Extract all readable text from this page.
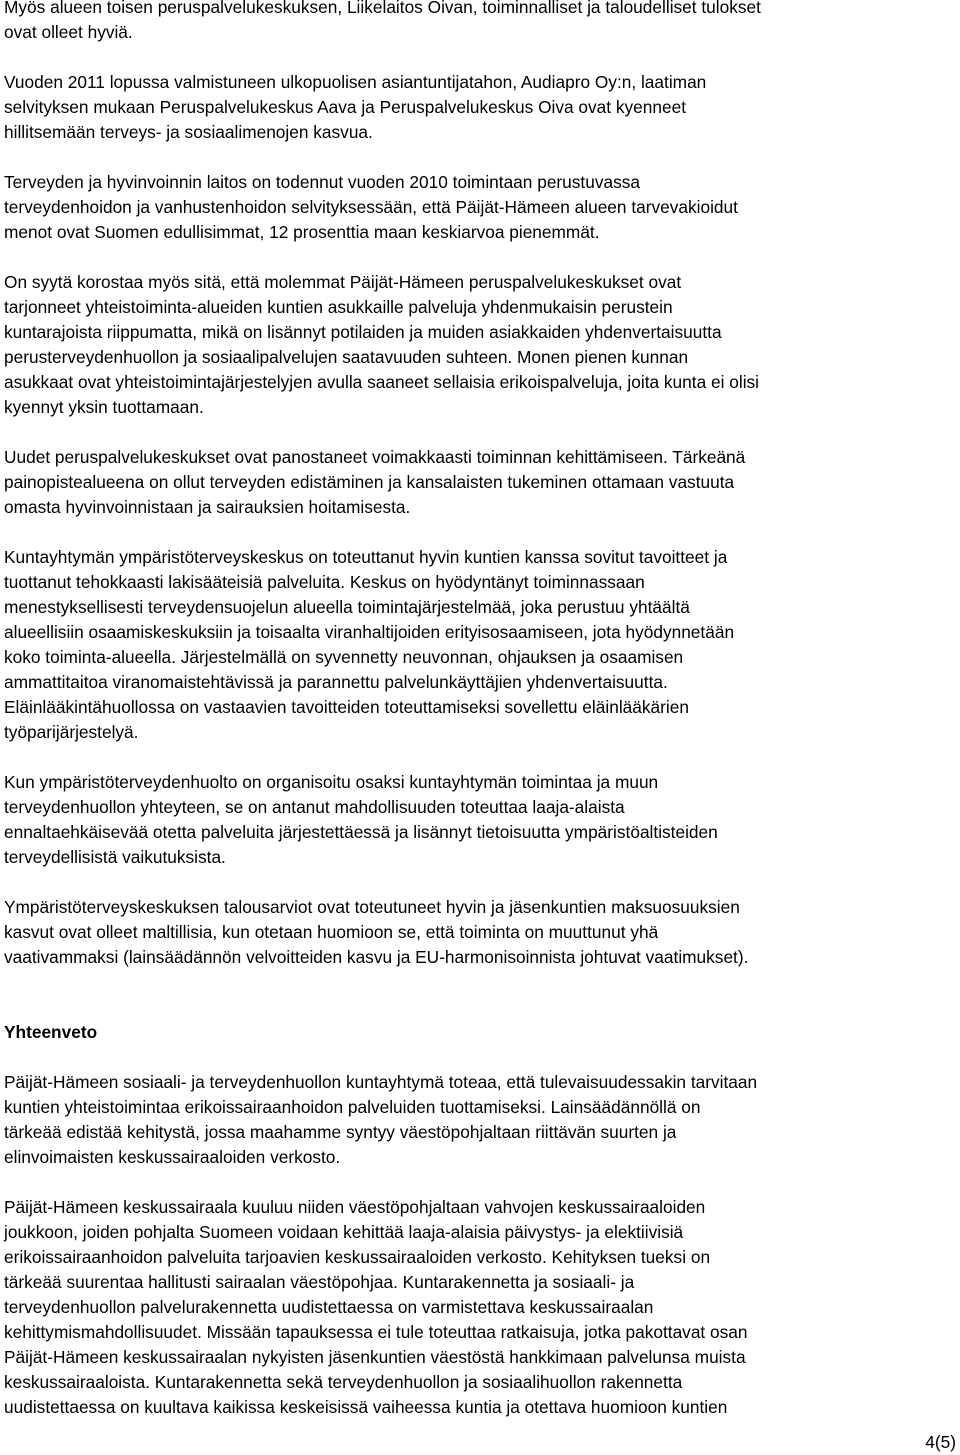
Myös alueen toisen peruspalvelukeskuksen, Liikelaitos Oivan, toiminnalliset ja taloudelliset tulokset
ovat olleet hyviä.

Vuoden 2011 lopussa valmistuneen ulkopuolisen asiantuntijatahon, Audiapro Oy:n, laatiman
selvityksen mukaan Peruspalvelukeskus Aava ja Peruspalvelukeskus Oiva ovat kyenneet
hillitsemään terveys- ja sosiaalimenojen kasvua.

Terveyden ja hyvinvoinnin laitos on todennut vuoden 2010 toimintaan perustuvassa
terveydenhoidon ja vanhustenhoidon selvityksessään, että Päijät-Hämeen alueen tarvevakioidut
menot ovat Suomen edullisimmat, 12 prosenttia maan keskiarvoa pienemmät.

On syytä korostaa myös sitä, että molemmat Päijät-Hämeen peruspalvelukeskukset ovat
tarjonneet yhteistoiminta-alueiden kuntien asukkaille palveluja yhdenmukaisin perustein
kuntarajoista riippumatta, mikä on lisännyt potilaiden ja muiden asiakkaiden yhdenvertaisuutta
perusterveydenhuollon ja sosiaalipalvelujen saatavuuden suhteen. Monen pienen kunnan
asukkaat ovat yhteistoimintajärjestelyjen avulla saaneet sellaisia erikoispalveluja, joita kunta ei olisi
kyennyt yksin tuottamaan.

Uudet peruspalvelukeskukset ovat panostaneet voimakkaasti toiminnan kehittämiseen. Tärkeänä
painopistealueena on ollut terveyden edistäminen ja kansalaisten tukeminen ottamaan vastuuta
omasta hyvinvoinnistaan ja sairauksien hoitamisesta.

Kuntayhtymän ympäristöterveyskeskus on toteuttanut hyvin kuntien kanssa sovitut tavoitteet ja
tuottanut tehokkaasti lakisääteisiä palveluita. Keskus on hyödyntänyt toiminnassaan
menestyksellisesti terveydensuojelun alueella toimintajärjestelmää, joka perustuu yhtäältä
alueellisiin osaamiskeskuksiin ja toisaalta viranhaltijoiden erityisosaamiseen, jota hyödynnetään
koko toiminta-alueella. Järjestelmällä on syvennetty neuvonnan, ohjauksen ja osaamisen
ammattitaitoa viranomaistehtävissä ja parannettu palvelunkäyttäjien yhdenvertaisuutta.
Eläinlääkintähuollossa on vastaavien tavoitteiden toteuttamiseksi sovellettu eläinlääkärien
työparijärjestelyä.

Kun ympäristöterveydenhuolto on organisoitu osaksi kuntayhtymän toimintaa ja muun
terveydenhuollon yhteyteen, se on antanut mahdollisuuden toteuttaa laaja-alaista
ennaltaehkäisevää otetta palveluita järjestettäessä ja lisännyt tietoisuutta ympäristöaltisteiden
terveydellisistä vaikutuksista.

Ympäristöterveyskeskuksen talousarviot ovat toteutuneet hyvin ja jäsenkuntien maksuosuuksien
kasvut ovat olleet maltillisia, kun otetaan huomioon se, että toiminta on muuttunut yhä
vaativammaksi (lainsäädännön velvoitteiden kasvu ja EU-harmonisoinnista johtuvat vaatimukset).

Yhteenveto

Päijät-Hämeen sosiaali- ja terveydenhuollon kuntayhtymä toteaa, että tulevaisuudessakin tarvitaan
kuntien yhteistoimintaa erikoissairaanhoidon palveluiden tuottamiseksi. Lainsäädännöllä on
tärkeää edistää kehitystä, jossa maahamme syntyy väestöpohjaltaan riittävän suurten ja
elinvoimaisten keskussairaaloiden verkosto.

Päijät-Hämeen keskussairaala kuuluu niiden väestöpohjaltaan vahvojen keskussairaaloiden
joukkoon, joiden pohjalta Suomeen voidaan kehittää laaja-alaisia päivystys- ja elektiivisiä
erikoissairaanhoidon palveluita tarjoavien keskussairaaloiden verkosto. Kehityksen tueksi on
tärkeää suurentaa hallitusti sairaalan väestöpohjaa. Kuntarakennetta ja sosiaali- ja
terveydenhuollon palvelurakennetta uudistettaessa on varmistettava keskussairaalan
kehittymismahdollisuudet. Missään tapauksessa ei tule toteuttaa ratkaisuja, jotka pakottavat osan
Päijät-Hämeen keskussairaalan nykyisten jäsenkuntien väestöstä hankkimaan palvelunsa muista
keskussairaaloista. Kuntarakennetta sekä terveydenhuollon ja sosiaalihuollon rakennetta
uudistettaessa on kuultava kaikissa keskeisissä vaiheessa kuntia ja otettava huomioon kuntien

4(5)
